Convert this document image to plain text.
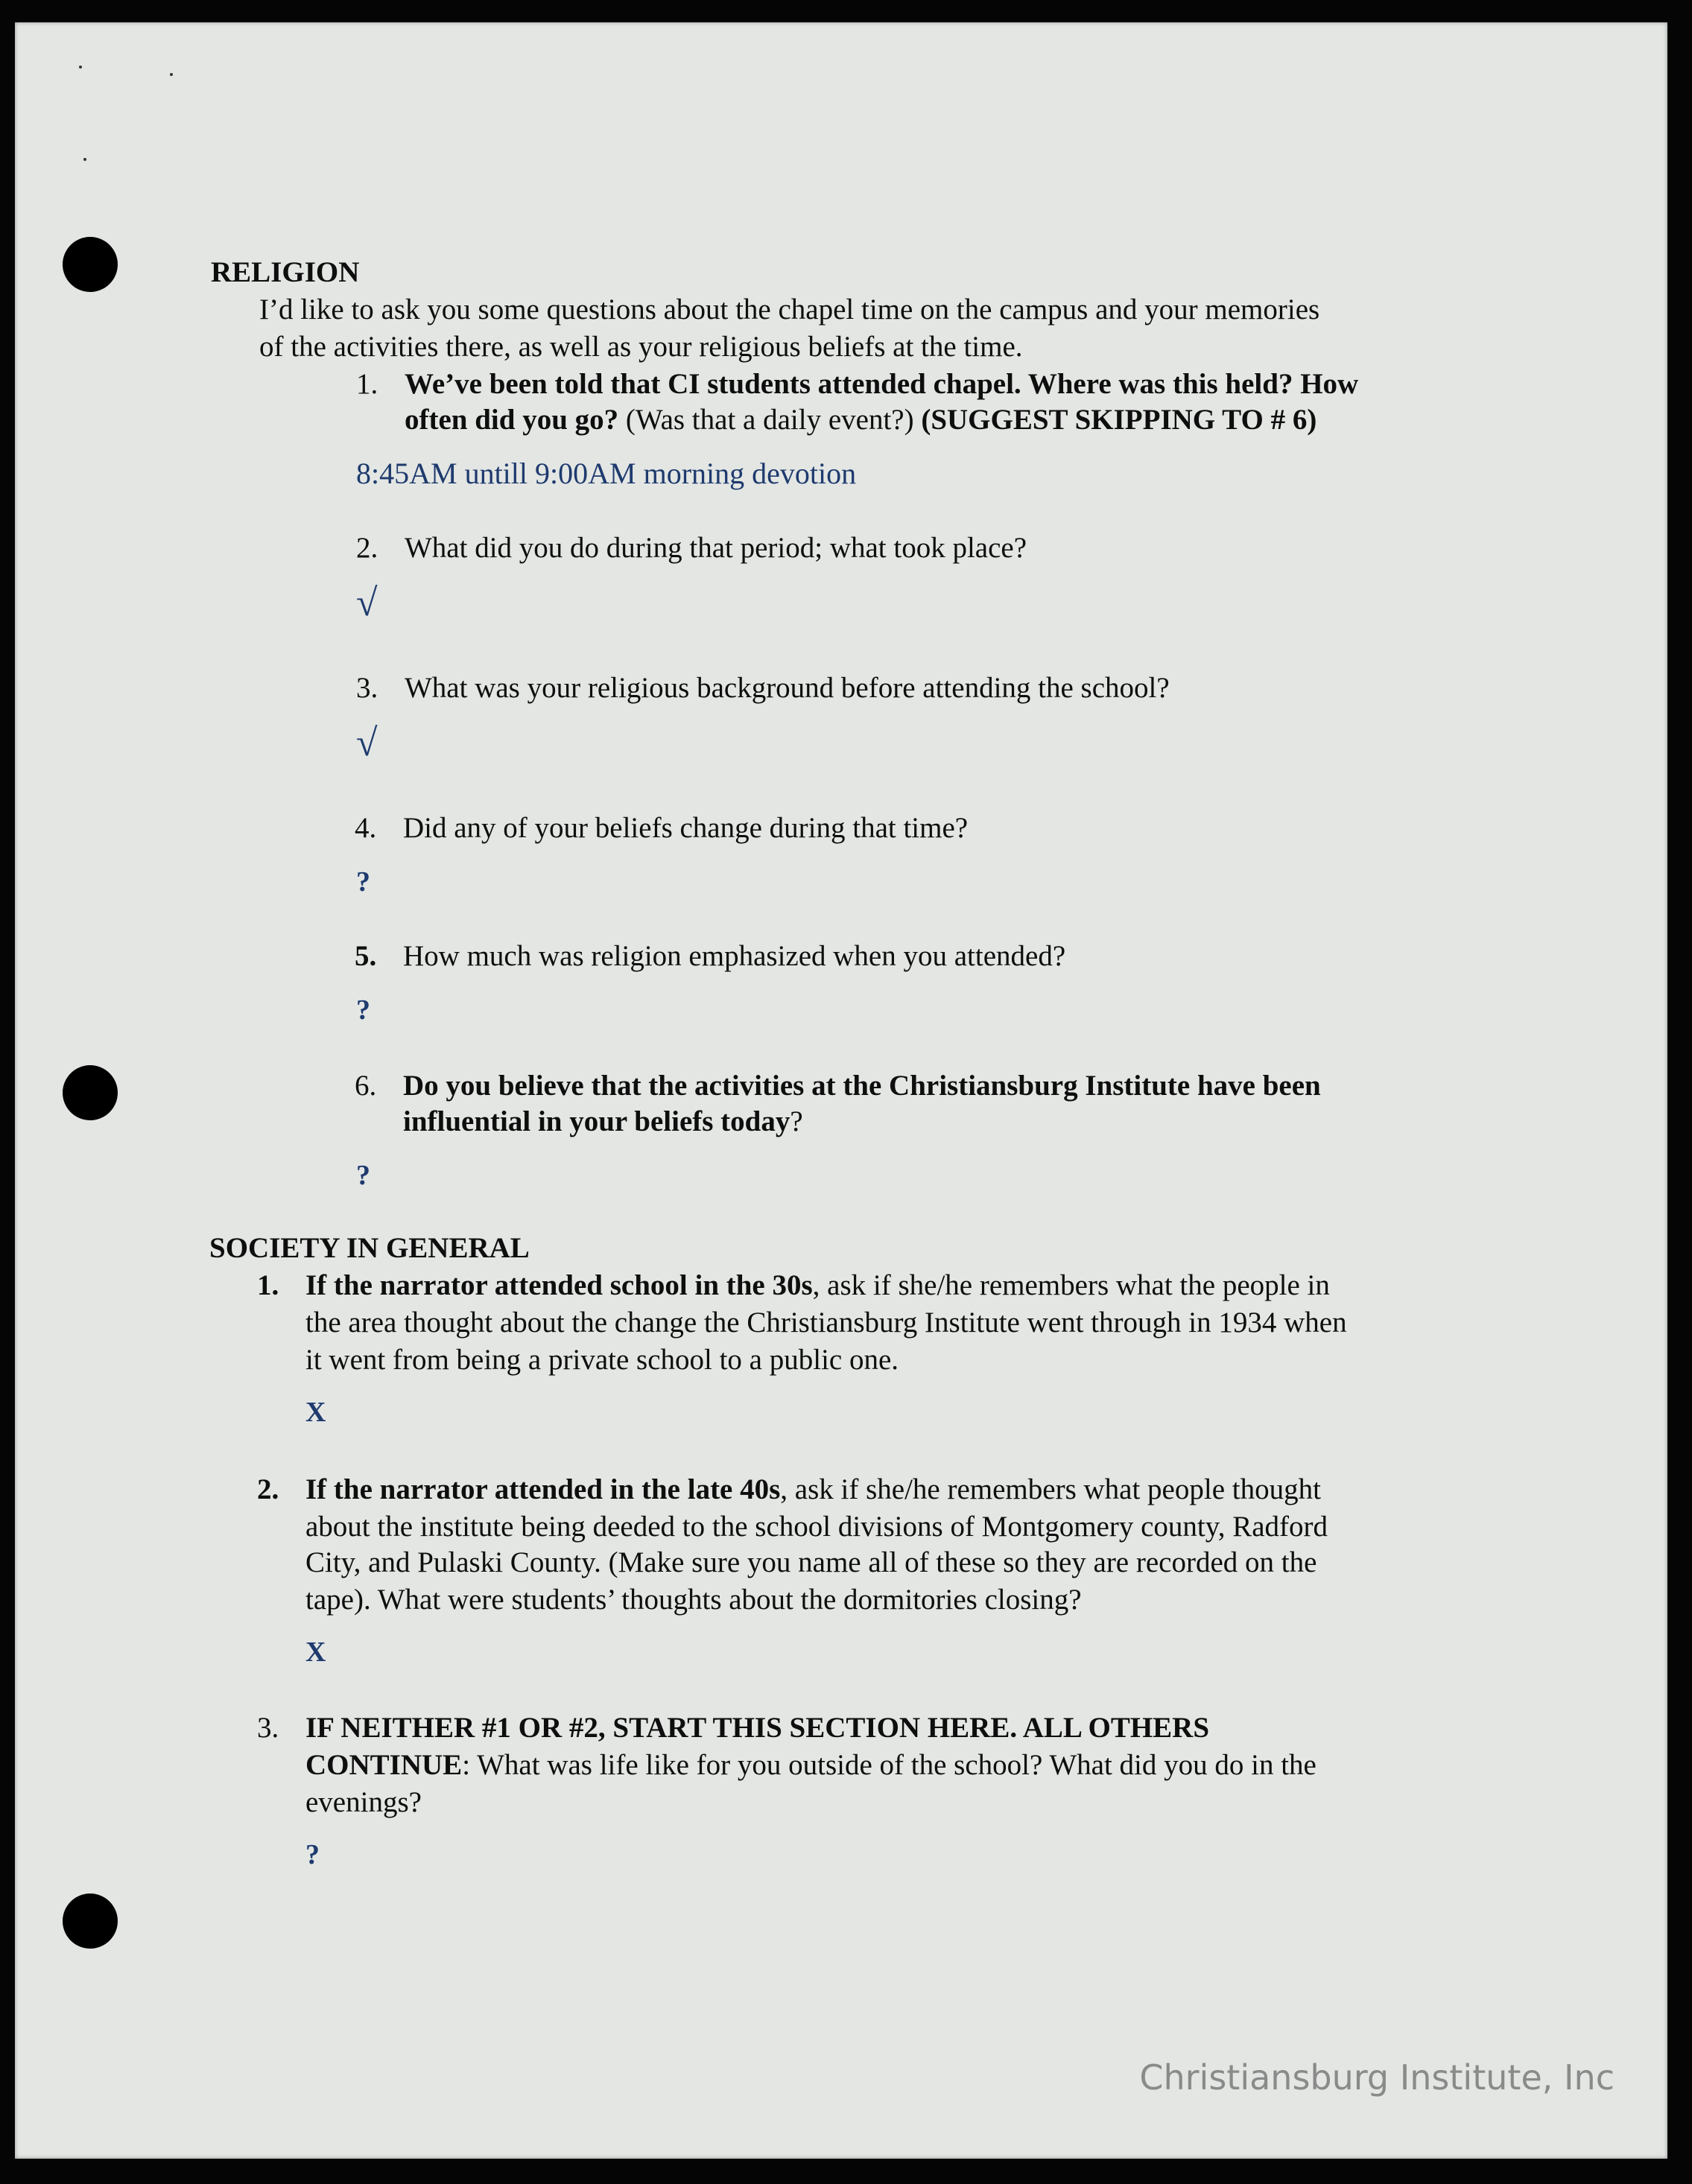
RELIGION
I’d like to ask you some questions about the chapel time on the campus and your memories
of the activities there, as well as your religious beliefs at the time.
1. We’ve been told that CI students attended chapel. Where was this held? How
often did you go? (Was that a daily event?) (SUGGEST SKIPPING TO # 6)
8:45AM untill 9:00AM morning devotion
2. What did you do during that period; what took place?
√
3. What was your religious background before attending the school?
√
4. Did any of your beliefs change during that time?
?
5. How much was religion emphasized when you attended?
?
6. Do you believe that the activities at the Christiansburg Institute have been
influential in your beliefs today?
?
SOCIETY IN GENERAL
1. If the narrator attended school in the 30s, ask if she/he remembers what the people in
the area thought about the change the Christiansburg Institute went through in 1934 when
it went from being a private school to a public one.
X
2. If the narrator attended in the late 40s, ask if she/he remembers what people thought
about the institute being deeded to the school divisions of Montgomery county, Radford
City, and Pulaski County. (Make sure you name all of these so they are recorded on the
tape). What were students’ thoughts about the dormitories closing?
X
3. IF NEITHER #1 OR #2, START THIS SECTION HERE. ALL OTHERS
CONTINUE: What was life like for you outside of the school? What did you do in the
evenings?
?
Christiansburg Institute, Inc
